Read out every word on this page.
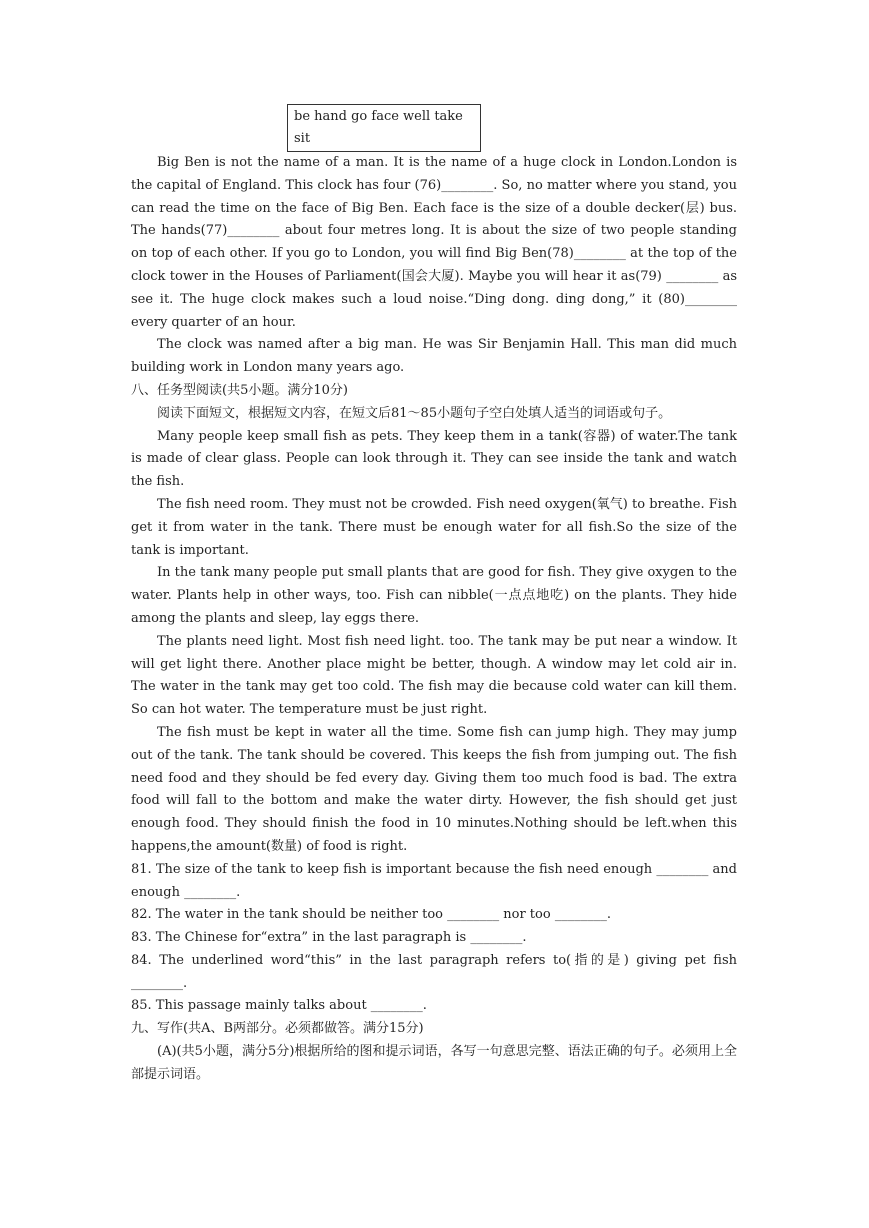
be hand go face well take sit

Big Ben is not the name of a man. It is the name of a huge clock in London.London is the capital of England. This clock has four (76)________. So, no matter where you stand, you can read the time on the face of Big Ben. Each face is the size of a double decker(层) bus. The hands(77)________ about four metres long. It is about the size of two people standing on top of each other. If you go to London, you will find Big Ben(78)________ at the top of the clock tower in the Houses of Parliament(国会大厦). Maybe you will hear it as(79) ________ as see it. The huge clock makes such a loud noise.“Ding dong. ding dong,” it (80)________ every quarter of an hour.

The clock was named after a big man. He was Sir Benjamin Hall. This man did much building work in London many years ago.

八、任务型阅读(共5小题。满分10分)

阅读下面短文，根据短文内容，在短文后81～85小题句子空白处填人适当的词语或句子。

Many people keep small fish as pets. They keep them in a tank(容器) of water.The tank is made of clear glass. People can look through it. They can see inside the tank and watch the fish.

The fish need room. They must not be crowded. Fish need oxygen(氧气) to breathe. Fish get it from water in the tank. There must be enough water for all fish.So the size of the tank is important.

In the tank many people put small plants that are good for fish. They give oxygen to the water. Plants help in other ways, too. Fish can nibble(一点点地吃) on the plants. They hide among the plants and sleep, lay eggs there.

The plants need light. Most fish need light. too. The tank may be put near a window. It will get light there. Another place might be better, though. A window may let cold air in. The water in the tank may get too cold. The fish may die because cold water can kill them. So can hot water. The temperature must be just right.

The fish must be kept in water all the time. Some fish can jump high. They may jump out of the tank. The tank should be covered. This keeps the fish from jumping out. The fish need food and they should be fed every day. Giving them too much food is bad. The extra food will fall to the bottom and make the water dirty. However, the fish should get just enough food. They should finish the food in 10 minutes.Nothing should be left.when this happens,the amount(数量) of food is right.

81. The size of the tank to keep fish is important because the fish need enough ________ and enough ________.

82. The water in the tank should be neither too ________ nor too ________.

83. The Chinese for“extra” in the last paragraph is ________.

84. The underlined word“this” in the last paragraph refers to(指的是) giving pet fish ________.

85. This passage mainly talks about ________.

九、写作(共A、B两部分。必须都做答。满分15分)

(A)(共5小题，满分5分)根据所给的图和提示词语，各写一句意思完整、语法正确的句子。必须用上全部提示词语。
